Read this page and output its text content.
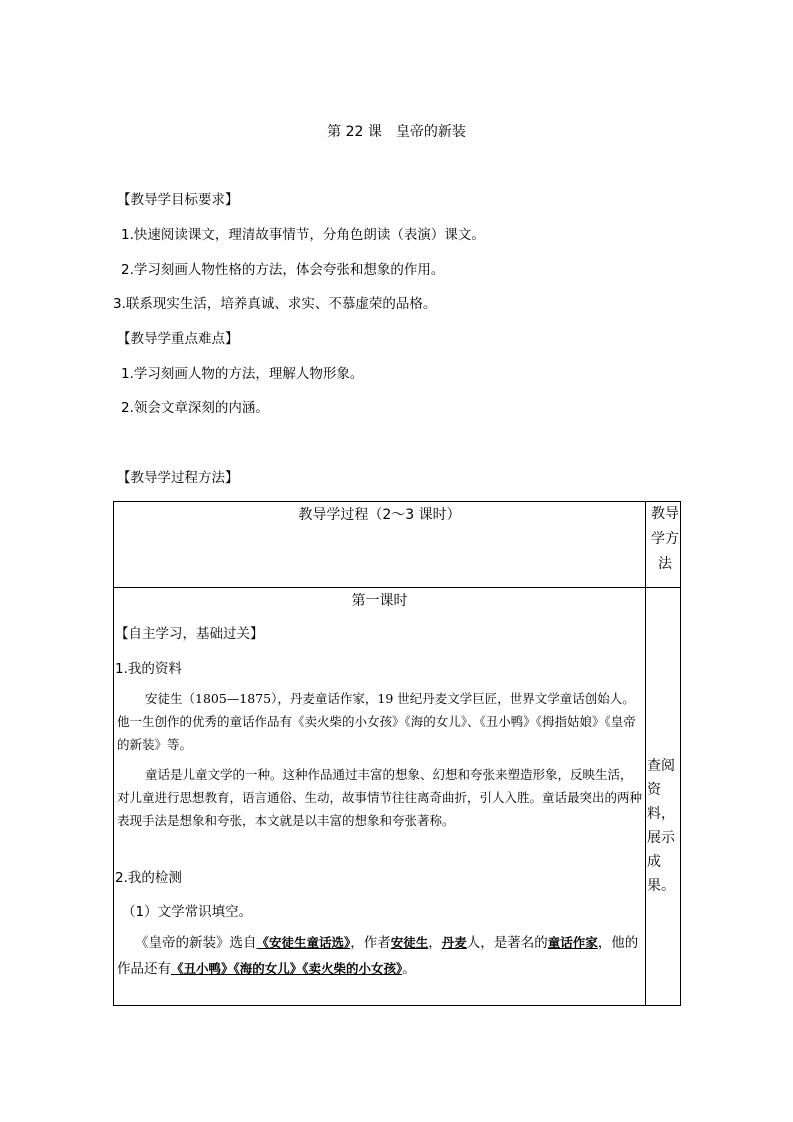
第 22 课　皇帝的新装
【教导学目标要求】
1.快速阅读课文，理清故事情节，分角色朗读（表演）课文。
2.学习刻画人物性格的方法，体会夸张和想象的作用。
3.联系现实生活，培养真诚、求实、不慕虚荣的品格。
【教导学重点难点】
1.学习刻画人物的方法，理解人物形象。
2.领会文章深刻的内涵。
【教导学过程方法】
教导学过程（2～3 课时）	教导学方法
第一课时
【自主学习，基础过关】
1.我的资料
安徒生（1805—1875），丹麦童话作家，19 世纪丹麦文学巨匠，世界文学童话创始人。他一生创作的优秀的童话作品有《卖火柴的小女孩》《海的女儿》、《丑小鸭》《拇指姑娘》《皇帝的新装》等。
童话是儿童文学的一种。这种作品通过丰富的想象、幻想和夸张来塑造形象，反映生活，对儿童进行思想教育，语言通俗、生动，故事情节往往离奇曲折，引人入胜。童话最突出的两种表现手法是想象和夸张，本文就是以丰富的想象和夸张著称。
2.我的检测
（1）文学常识填空。
《皇帝的新装》选自《安徒生童话选》，作者安徒生，丹麦人，是著名的童话作家，他的作品还有《丑小鸭》《海的女儿》《卖火柴的小女孩》。
查阅资料，展示成果。
